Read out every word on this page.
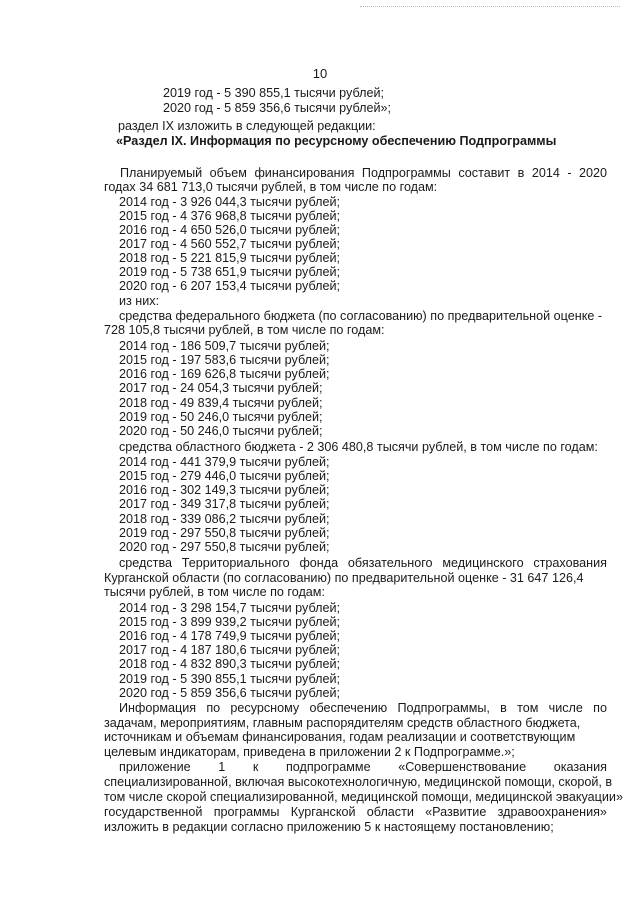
10
2019 год - 5 390 855,1 тысячи рублей;
2020 год - 5 859 356,6 тысячи рублей»;
раздел IX изложить в следующей редакции:
«Раздел IX. Информация по ресурсному обеспечению Подпрограммы
Планируемый объем финансирования Подпрограммы составит в 2014 - 2020
годах 34 681 713,0 тысячи рублей, в том числе по годам:
2014 год - 3 926 044,3 тысячи рублей;
2015 год - 4 376 968,8 тысячи рублей;
2016 год - 4 650 526,0 тысячи рублей;
2017 год - 4 560 552,7 тысячи рублей;
2018 год - 5 221 815,9 тысячи рублей;
2019 год - 5 738 651,9 тысячи рублей;
2020 год - 6 207 153,4 тысячи рублей;
из них:
средства федерального бюджета (по согласованию) по предварительной оценке -
728 105,8 тысячи рублей, в том числе по годам:
2014 год - 186 509,7 тысячи рублей;
2015 год - 197 583,6 тысячи рублей;
2016 год - 169 626,8 тысячи рублей;
2017 год - 24 054,3 тысячи рублей;
2018 год - 49 839,4 тысячи рублей;
2019 год - 50 246,0 тысячи рублей;
2020 год - 50 246,0 тысячи рублей;
средства областного бюджета - 2 306 480,8 тысячи рублей, в том числе по годам:
2014 год - 441 379,9 тысячи рублей;
2015 год - 279 446,0 тысячи рублей;
2016 год - 302 149,3 тысячи рублей;
2017 год - 349 317,8 тысячи рублей;
2018 год - 339 086,2 тысячи рублей;
2019 год - 297 550,8 тысячи рублей;
2020 год - 297 550,8 тысячи рублей;
средства Территориального фонда обязательного медицинского страхования
Курганской области (по согласованию) по предварительной оценке - 31 647 126,4
тысячи рублей, в том числе по годам:
2014 год - 3 298 154,7 тысячи рублей;
2015 год - 3 899 939,2 тысячи рублей;
2016 год - 4 178 749,9 тысячи рублей;
2017 год - 4 187 180,6 тысячи рублей;
2018 год - 4 832 890,3 тысячи рублей;
2019 год - 5 390 855,1 тысячи рублей;
2020 год - 5 859 356,6 тысячи рублей;
Информация по ресурсному обеспечению Подпрограммы, в том числе по
задачам, мероприятиям, главным распорядителям средств областного бюджета,
источникам и объемам финансирования, годам реализации и соответствующим
целевым индикаторам, приведена в приложении 2 к Подпрограмме.»;
приложение 1 к подпрограмме «Совершенствование оказания
специализированной, включая высокотехнологичную, медицинской помощи, скорой, в
том числе скорой специализированной, медицинской помощи, медицинской эвакуации»
государственной программы Курганской области «Развитие здравоохранения»
изложить в редакции согласно приложению 5 к настоящему постановлению;
